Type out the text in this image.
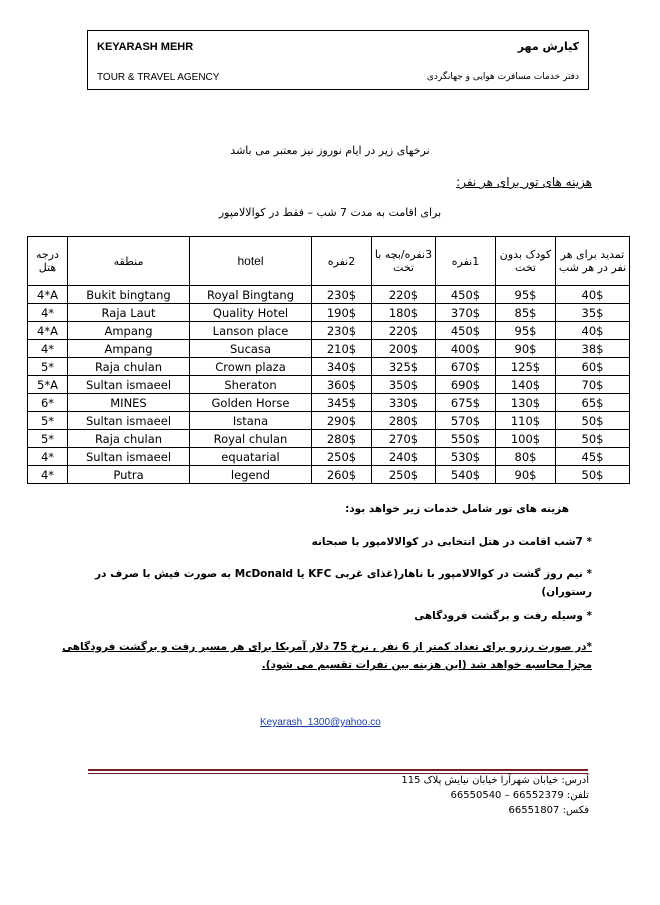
KEYARASH MEHR	کیارش مهر
TOUR & TRAVEL AGENCY	دفتر خدمات مسافرت هوایی و جهانگردی
نرخهای زیر در ایام نوروز نیز معتبر می باشد
هزینه های تور برای هر نفر:
برای اقامت به مدت 7 شب – فقط در کوالالامپور
درجه هتل	منطقه	hotel	2نفره	3نفره/بچه با تخت	1نفره	کودک بدون تخت	تمدید برای هر نفر در هر شب
4*A	Bukit bingtang	Royal Bingtang	230$	220$	450$	95$	40$
4*	Raja Laut	Quality Hotel	190$	180$	370$	85$	35$
4*A	Ampang	Lanson place	230$	220$	450$	95$	40$
4*	Ampang	Sucasa	210$	200$	400$	90$	38$
5*	Raja chulan	Crown plaza	340$	325$	670$	125$	60$
5*A	Sultan ismaeel	Sheraton	360$	350$	690$	140$	70$
6*	MINES	Golden Horse	345$	330$	675$	130$	65$
5*	Sultan ismaeel	Istana	290$	280$	570$	110$	50$
5*	Raja chulan	Royal chulan	280$	270$	550$	100$	50$
4*	Sultan ismaeel	equatarial	250$	240$	530$	80$	45$
4*	Putra	legend	260$	250$	540$	90$	50$
هزینه های تور شامل خدمات زیر خواهد بود:
* 7شب اقامت در هتل انتخابی در کوالالامپور با صبحانه
* نیم روز گشت در کوالالامپور با ناهار(غذای غربی KFC یا McDonald به صورت فیش با صرف در رستوران)
* وسیله رفت و برگشت فرودگاهی
*در صورت رزرو برای تعداد کمتر از 6 نفر , نرخ 75 دلار آمریکا برای هر مسیر رفت و برگشت فرودگاهی مجزا محاسبه خواهد شد (این هزینه بین نفرات تقسیم می شود).
Keyarash_1300@yahoo.co
آدرس: خیابان شهرآرا خیابان نیایش پلاک 115
تلفن: 66552379 – 66550540
فکس: 66551807
